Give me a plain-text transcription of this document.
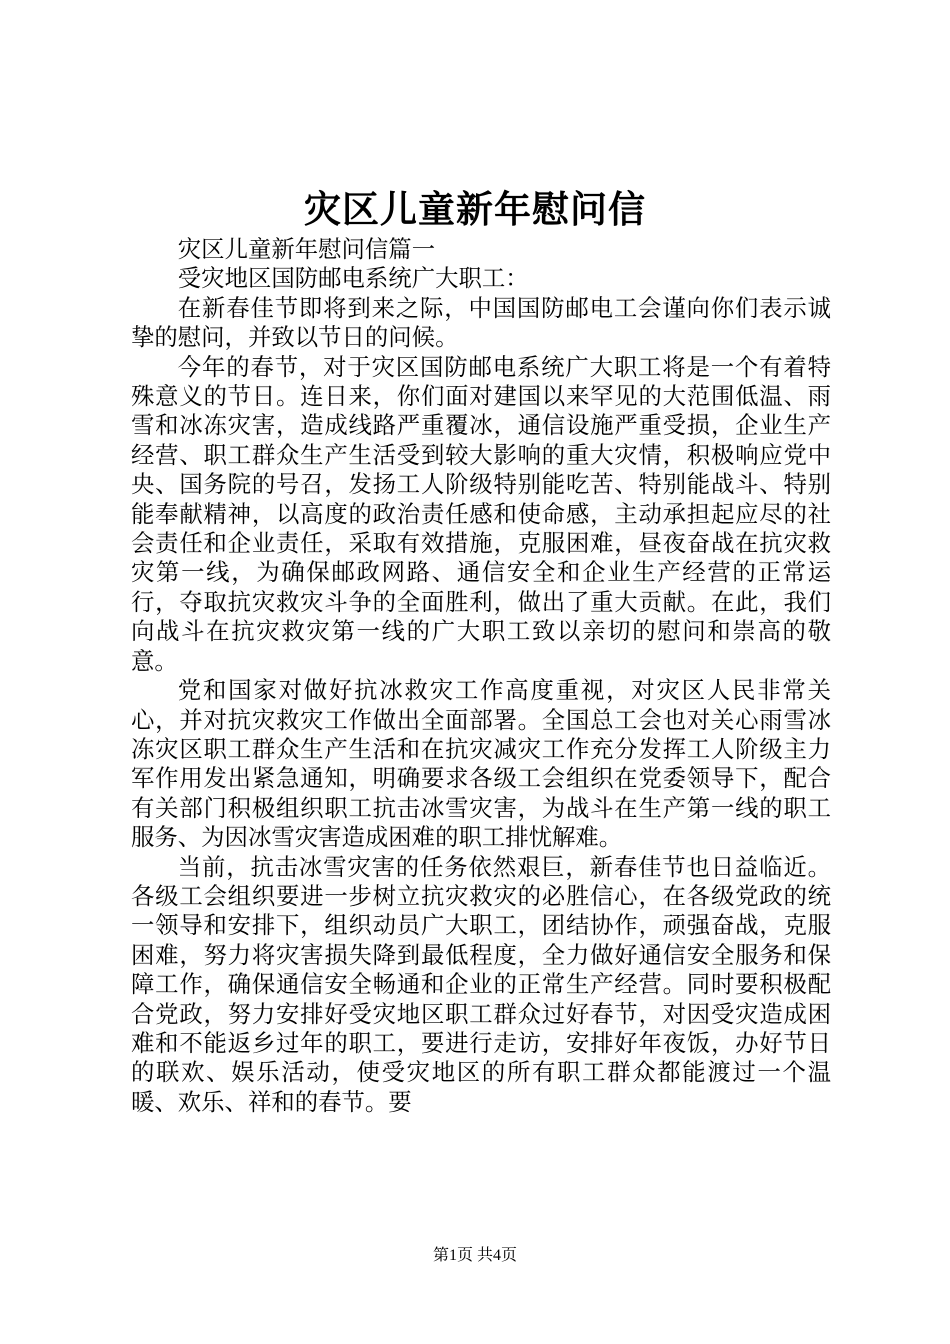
灾区儿童新年慰问信

灾区儿童新年慰问信篇一

受灾地区国防邮电系统广大职工：

在新春佳节即将到来之际，中国国防邮电工会谨向你们表示诚挚的慰问，并致以节日的问候。

今年的春节，对于灾区国防邮电系统广大职工将是一个有着特殊意义的节日。连日来，你们面对建国以来罕见的大范围低温、雨雪和冰冻灾害，造成线路严重覆冰，通信设施严重受损，企业生产经营、职工群众生产生活受到较大影响的重大灾情，积极响应党中央、国务院的号召，发扬工人阶级特别能吃苦、特别能战斗、特别能奉献精神，以高度的政治责任感和使命感，主动承担起应尽的社会责任和企业责任，采取有效措施，克服困难，昼夜奋战在抗灾救灾第一线，为确保邮政网路、通信安全和企业生产经营的正常运行，夺取抗灾救灾斗争的全面胜利，做出了重大贡献。在此，我们向战斗在抗灾救灾第一线的广大职工致以亲切的慰问和崇高的敬意。

党和国家对做好抗冰救灾工作高度重视，对灾区人民非常关心，并对抗灾救灾工作做出全面部署。全国总工会也对关心雨雪冰冻灾区职工群众生产生活和在抗灾减灾工作充分发挥工人阶级主力军作用发出紧急通知，明确要求各级工会组织在党委领导下，配合有关部门积极组织职工抗击冰雪灾害，为战斗在生产第一线的职工服务、为因冰雪灾害造成困难的职工排忧解难。

当前，抗击冰雪灾害的任务依然艰巨，新春佳节也日益临近。各级工会组织要进一步树立抗灾救灾的必胜信心，在各级党政的统一领导和安排下，组织动员广大职工，团结协作，顽强奋战，克服困难，努力将灾害损失降到最低程度，全力做好通信安全服务和保障工作，确保通信安全畅通和企业的正常生产经营。同时要积极配合党政，努力安排好受灾地区职工群众过好春节，对因受灾造成困难和不能返乡过年的职工，要进行走访，安排好年夜饭，办好节日的联欢、娱乐活动，使受灾地区的所有职工群众都能渡过一个温暖、欢乐、祥和的春节。要

第1页 共4页
